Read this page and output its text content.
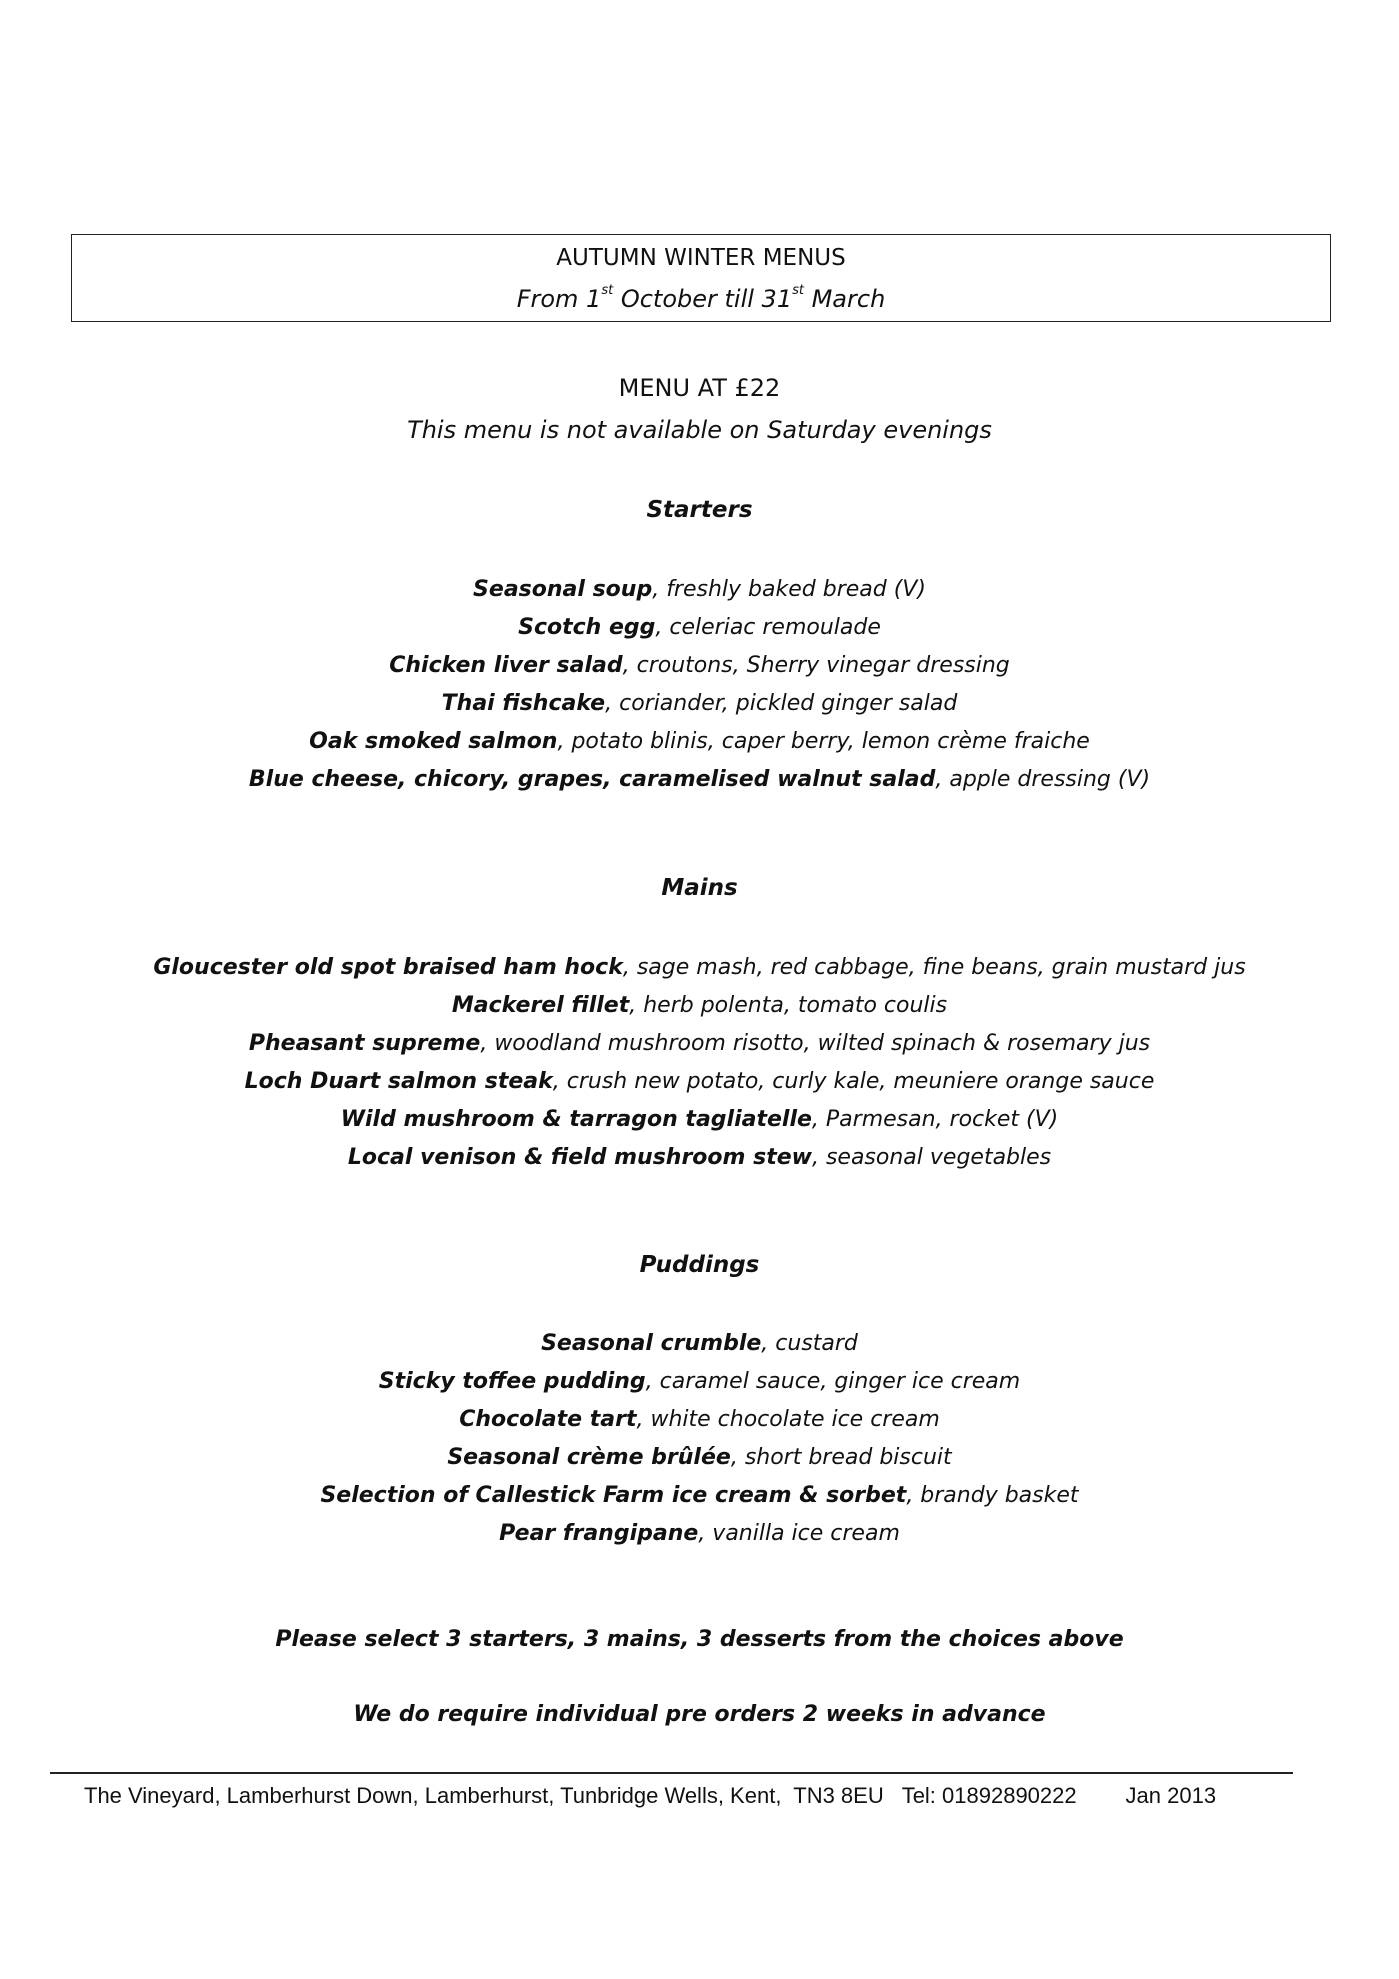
AUTUMN WINTER MENUS
From 1st October till 31st March
MENU AT £22
This menu is not available on Saturday evenings
Starters
Seasonal soup, freshly baked bread (V)
Scotch egg, celeriac remoulade
Chicken liver salad, croutons, Sherry vinegar dressing
Thai fishcake, coriander, pickled ginger salad
Oak smoked salmon, potato blinis, caper berry, lemon crème fraiche
Blue cheese, chicory, grapes, caramelised walnut salad, apple dressing (V)
Mains
Gloucester old spot braised ham hock, sage mash, red cabbage, fine beans, grain mustard jus
Mackerel fillet, herb polenta, tomato coulis
Pheasant supreme, woodland mushroom risotto, wilted spinach & rosemary jus
Loch Duart salmon steak, crush new potato, curly kale, meuniere orange sauce
Wild mushroom & tarragon tagliatelle, Parmesan, rocket (V)
Local venison & field mushroom stew, seasonal vegetables
Puddings
Seasonal crumble, custard
Sticky toffee pudding, caramel sauce, ginger ice cream
Chocolate tart, white chocolate ice cream
Seasonal crème brûlée, short bread biscuit
Selection of Callestick Farm ice cream & sorbet, brandy basket
Pear frangipane, vanilla ice cream
Please select 3 starters, 3 mains, 3 desserts from the choices above
We do require individual pre orders 2 weeks in advance
The Vineyard, Lamberhurst Down, Lamberhurst, Tunbridge Wells, Kent,  TN3 8EU Tel: 01892890222 Jan 2013
